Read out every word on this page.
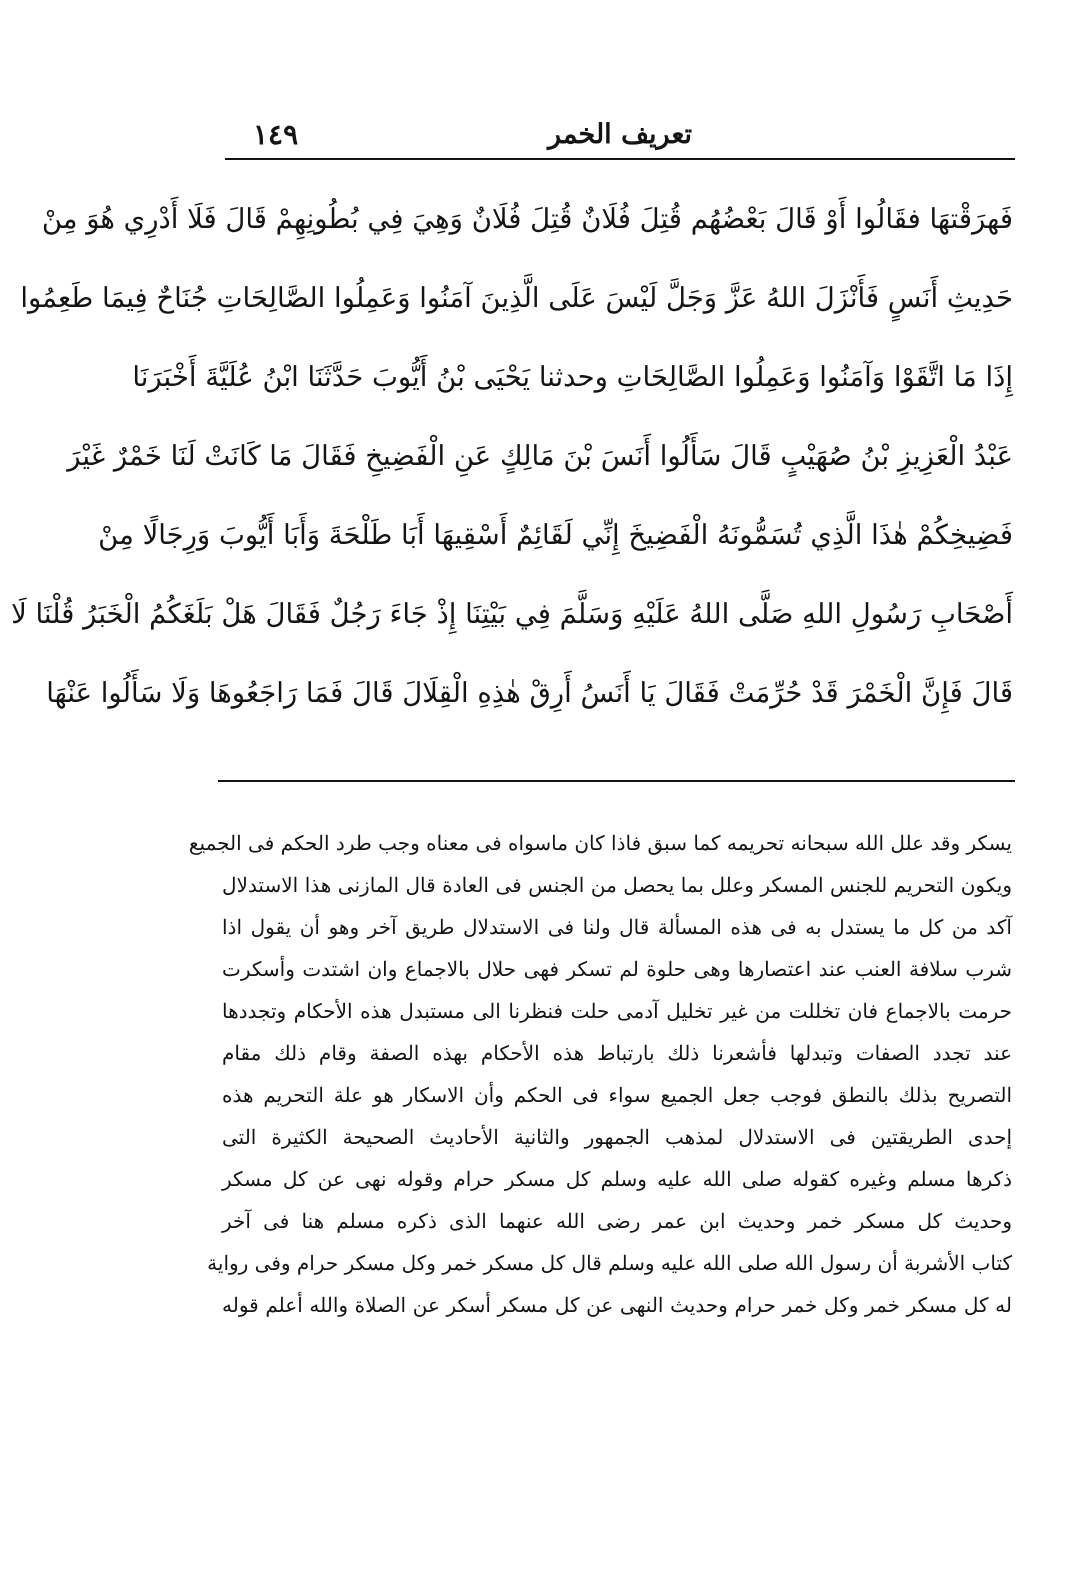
تعريف الخمر
١٤٩
فَهرَقْتهَا فقَالُوا أَوْ قَالَ بَعْضُهُم قُتِلَ فُلَانٌ قُتِلَ فُلَانٌ وَهِيَ فِي بُطُونِهِمْ قَالَ فَلَا أَدْرِي هُوَ مِنْ
حَدِيثِ أَنَسٍ فَأَنْزَلَ اللهُ عَزَّ وَجَلَّ لَيْسَ عَلَى الَّذِينَ آمَنُوا وَعَمِلُوا الصَّالِحَاتِ جُنَاحٌ فِيمَا طَعِمُوا
إِذَا مَا اتَّقَوْا وَآمَنُوا وَعَمِلُوا الصَّالِحَاتِ وحدثنا يَحْيَى بْنُ أَيُّوبَ حَدَّثَنَا ابْنُ عُلَيَّةَ أَخْبَرَنَا
عَبْدُ الْعَزِيزِ بْنُ صُهَيْبٍ قَالَ سَأَلُوا أَنَسَ بْنَ مَالِكٍ عَنِ الْفَضِيخِ فَقَالَ مَا كَانَتْ لَنَا خَمْرٌ غَيْرَ
فَضِيخِكُمْ هٰذَا الَّذِي تُسَمُّونَهُ الْفَضِيخَ إِنِّي لَقَائِمٌ أَسْقِيهَا أَبَا طَلْحَةَ وَأَبَا أَيُّوبَ وَرِجَالًا مِنْ
أَصْحَابِ رَسُولِ اللهِ صَلَّى اللهُ عَلَيْهِ وَسَلَّمَ فِي بَيْتِنَا إِذْ جَاءَ رَجُلٌ فَقَالَ هَلْ بَلَغَكُمُ الْخَبَرُ قُلْنَا لَا
قَالَ فَإِنَّ الْخَمْرَ قَدْ حُرِّمَتْ فَقَالَ يَا أَنَسُ أَرِقْ هٰذِهِ الْقِلَالَ قَالَ فَمَا رَاجَعُوهَا وَلَا سَأَلُوا عَنْهَا
يسكر وقد علل الله سبحانه تحريمه كما سبق فاذا كان ماسواه فى معناه وجب طرد الحكم فى الجميع
ويكون التحريم للجنس المسكر وعلل بما يحصل من الجنس فى العادة قال المازنى هذا الاستدلال
آكد من كل ما يستدل به فى هذه المسألة قال ولنا فى الاستدلال طريق آخر وهو أن يقول اذا
شرب سلافة العنب عند اعتصارها وهى حلوة لم تسكر فهى حلال بالاجماع وان اشتدت وأسكرت
حرمت بالاجماع فان تخللت من غير تخليل آدمى حلت فنظرنا الى مستبدل هذه الأحكام وتجددها
عند تجدد الصفات وتبدلها فأشعرنا ذلك بارتباط هذه الأحكام بهذه الصفة وقام ذلك مقام
التصريح بذلك بالنطق فوجب جعل الجميع سواء فى الحكم وأن الاسكار هو علة التحريم هذه
إحدى الطريقتين فى الاستدلال لمذهب الجمهور والثانية الأحاديث الصحيحة الكثيرة التى
ذكرها مسلم وغيره كقوله صلى الله عليه وسلم كل مسكر حرام وقوله نهى عن كل مسكر
وحديث كل مسكر خمر وحديث ابن عمر رضى الله عنهما الذى ذكره مسلم هنا فى آخر
كتاب الأشربة أن رسول الله صلى الله عليه وسلم قال كل مسكر خمر وكل مسكر حرام وفى رواية
له كل مسكر خمر وكل خمر حرام وحديث النهى عن كل مسكر أسكر عن الصلاة والله أعلم قوله
